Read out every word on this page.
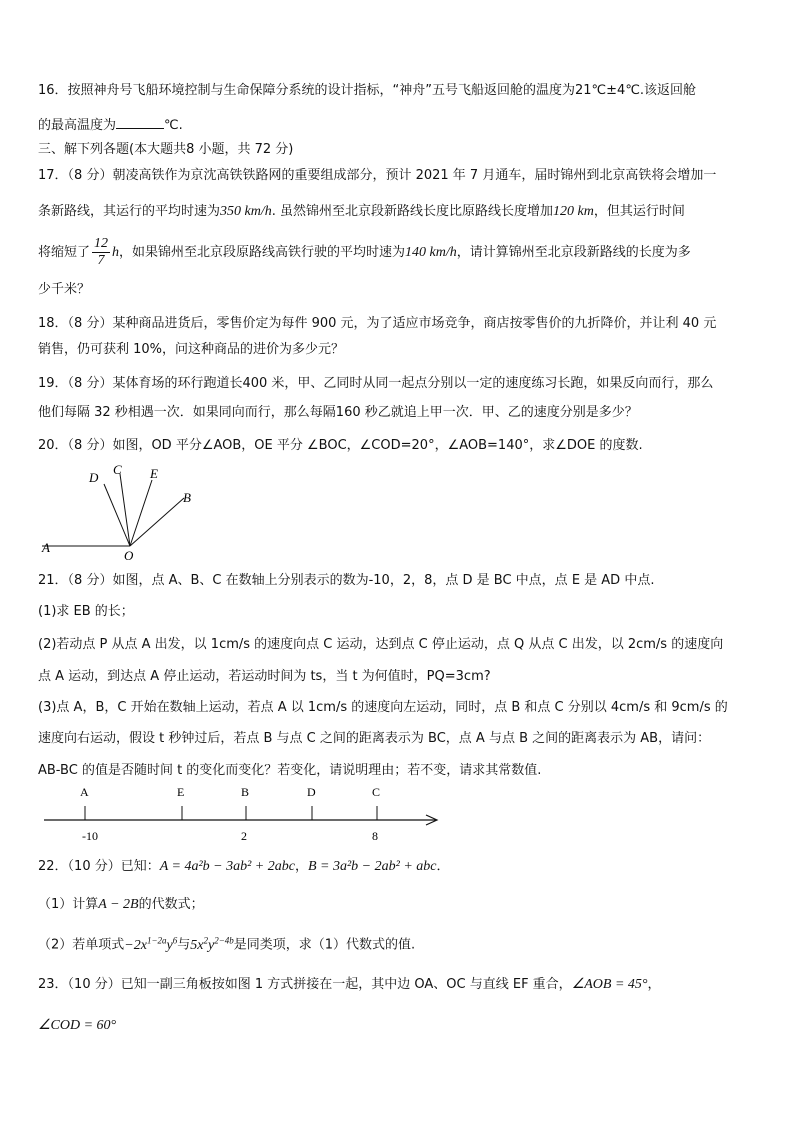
16．按照神舟号飞船环境控制与生命保障分系统的设计指标，“神舟”五号飞船返回舱的温度为21℃±4℃.该返回舱
的最高温度为	℃.
三、解下列各题(本大题共8 小题，共 72 分)
17．（8 分）朝凌高铁作为京沈高铁铁路网的重要组成部分，预计 2021 年 7 月通车，届时锦州到北京高铁将会增加一
条新路线，其运行的平均时速为350 km/h. 虽然锦州至北京段新路线长度比原路线长度增加120 km，但其运行时间
将缩短了 $\frac{12}{7}$ h，如果锦州至北京段原路线高铁行驶的平均时速为140 km/h，请计算锦州至北京段新路线的长度为多
少千米？
18．（8 分）某种商品进货后，零售价定为每件 900 元，为了适应市场竞争，商店按零售价的九折降价，并让利 40 元
销售，仍可获利 10%，问这种商品的进价为多少元？
19．（8 分）某体育场的环行跑道长400 米，甲、乙同时从同一起点分别以一定的速度练习长跑，如果反向而行，那么
他们每隔 32 秒相遇一次．如果同向而行，那么每隔160 秒乙就追上甲一次．甲、乙的速度分别是多少？
20．（8 分）如图，OD 平分∠AOB，OE 平分 ∠BOC，∠COD=20°，∠AOB=140°，求∠DOE 的度数.
D
C E
B
A
O
21．（8 分）如图，点 A、B、C 在数轴上分别表示的数为-10，2，8，点 D 是 BC 中点，点 E 是 AD 中点.
(1)求 EB 的长；
(2)若动点 P 从点 A 出发，以 1cm/s 的速度向点 C 运动，达到点 C 停止运动，点 Q 从点 C 出发，以 2cm/s 的速度向
点 A 运动，到达点 A 停止运动，若运动时间为 ts，当 t 为何值时，PQ=3cm?
(3)点 A，B，C 开始在数轴上运动，若点 A 以 1cm/s 的速度向左运动，同时，点 B 和点 C 分别以 4cm/s 和 9cm/s 的
速度向右运动，假设 t 秒钟过后，若点 B 与点 C 之间的距离表示为 BC，点 A 与点 B 之间的距离表示为 AB，请问：
AB-BC 的值是否随时间 t 的变化而变化？若变化，请说明理由；若不变，请求其常数值.
A	E	B	D	C
-10	2	8
22．（10 分）已知：A = 4a²b − 3ab² + 2abc，B = 3a²b − 2ab² + abc．
（1）计算A − 2B的代数式；
（2）若单项式$-2x^{1-2a}y^6$与$5x^2y^{2-4b}$是同类项，求（1）代数式的值.
23．（10 分）已知一副三角板按如图 1 方式拼接在一起，其中边 OA、OC 与直线 EF 重合，∠AOB = 45°，
∠COD = 60°
